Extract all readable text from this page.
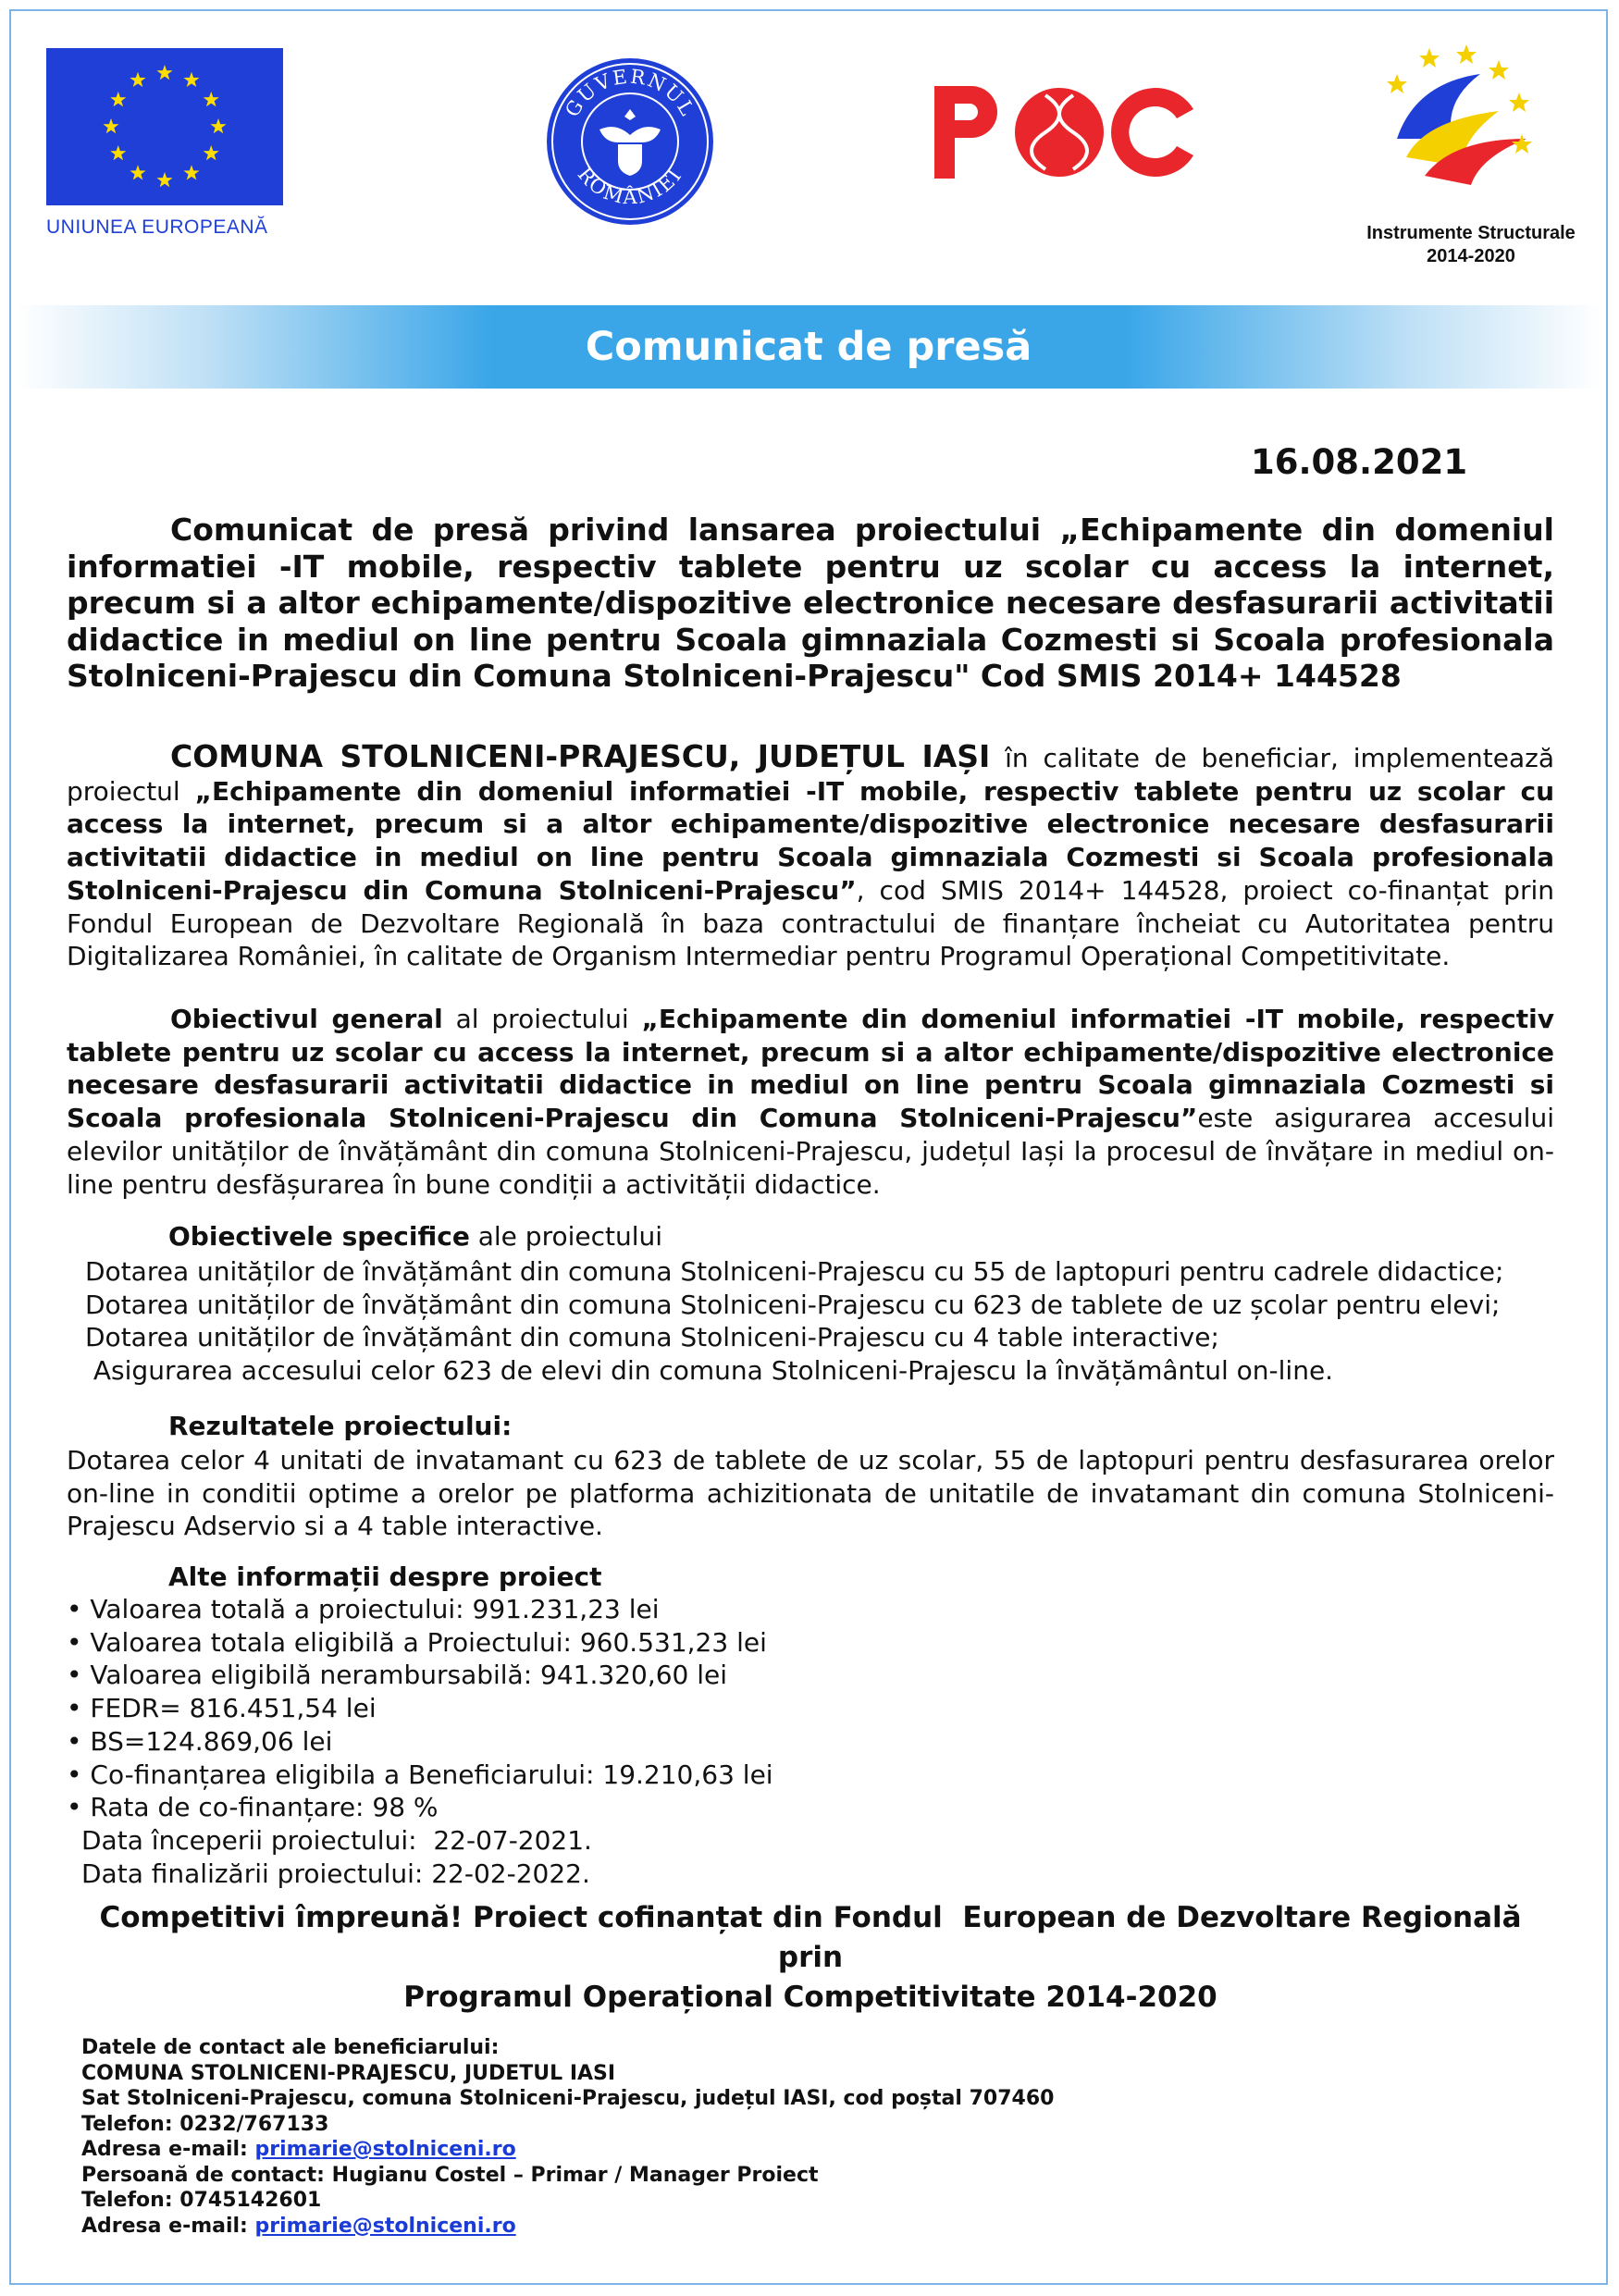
UNIUNEA EUROPEANĂ
GUVERNUL
ROMÂNIEI
POC
Instrumente Structurale
2014-2020
Comunicat de presă
16.08.2021
Comunicat de presă privind lansarea proiectului „Echipamente din domeniul informatiei -IT mobile, respectiv tablete pentru uz scolar cu access la internet, precum si a altor echipamente/dispozitive electronice necesare desfasurarii activitatii didactice in mediul on line pentru Scoala gimnaziala Cozmesti si Scoala profesionala Stolniceni-Prajescu din Comuna Stolniceni-Prajescu" Cod SMIS 2014+ 144528
COMUNA STOLNICENI-PRAJESCU, JUDEȚUL IAȘI în calitate de beneficiar, implementează proiectul „Echipamente din domeniul informatiei -IT mobile, respectiv tablete pentru uz scolar cu access la internet, precum si a altor echipamente/dispozitive electronice necesare desfasurarii activitatii didactice in mediul on line pentru Scoala gimnaziala Cozmesti si Scoala profesionala Stolniceni-Prajescu din Comuna Stolniceni-Prajescu”, cod SMIS 2014+ 144528, proiect co-finanțat prin Fondul European de Dezvoltare Regională în baza contractului de finanțare încheiat cu Autoritatea pentru Digitalizarea României, în calitate de Organism Intermediar pentru Programul Operațional Competitivitate.
Obiectivul general al proiectului „Echipamente din domeniul informatiei -IT mobile, respectiv tablete pentru uz scolar cu access la internet, precum si a altor echipamente/dispozitive electronice necesare desfasurarii activitatii didactice in mediul on line pentru Scoala gimnaziala Cozmesti si Scoala profesionala Stolniceni-Prajescu din Comuna Stolniceni-Prajescu”este asigurarea accesului elevilor unităților de învățământ din comuna Stolniceni-Prajescu, județul Iași la procesul de învățare in mediul on-line pentru desfășurarea în bune condiții a activității didactice.
Obiectivele specifice ale proiectului
Dotarea unităților de învățământ din comuna Stolniceni-Prajescu cu 55 de laptopuri pentru cadrele didactice;
Dotarea unităților de învățământ din comuna Stolniceni-Prajescu cu 623 de tablete de uz școlar pentru elevi;
Dotarea unităților de învățământ din comuna Stolniceni-Prajescu cu 4 table interactive;
Asigurarea accesului celor 623 de elevi din comuna Stolniceni-Prajescu la învățământul on-line.
Rezultatele proiectului:
Dotarea celor 4 unitati de invatamant cu 623 de tablete de uz scolar, 55 de laptopuri pentru desfasurarea orelor on-line in conditii optime a orelor pe platforma achizitionata de unitatile de invatamant din comuna Stolniceni-Prajescu Adservio si a 4 table interactive.
Alte informații despre proiect
• Valoarea totală a proiectului: 991.231,23 lei
• Valoarea totala eligibilă a Proiectului: 960.531,23 lei
• Valoarea eligibilă nerambursabilă: 941.320,60 lei
• FEDR= 816.451,54 lei
• BS=124.869,06 lei
• Co-finanțarea eligibila a Beneficiarului: 19.210,63 lei
• Rata de co-finanțare: 98 %
Data începerii proiectului:  22-07-2021.
Data finalizării proiectului: 22-02-2022.
Competitivi împreună! Proiect cofinanțat din Fondul  European de Dezvoltare Regională
prin
Programul Operațional Competitivitate 2014-2020
Datele de contact ale beneficiarului:
COMUNA STOLNICENI-PRAJESCU, JUDETUL IASI
Sat Stolniceni-Prajescu, comuna Stolniceni-Prajescu, județul IASI, cod poștal 707460
Telefon: 0232/767133
Adresa e-mail: primarie@stolniceni.ro
Persoană de contact: Hugianu Costel – Primar / Manager Proiect
Telefon: 0745142601
Adresa e-mail: primarie@stolniceni.ro
